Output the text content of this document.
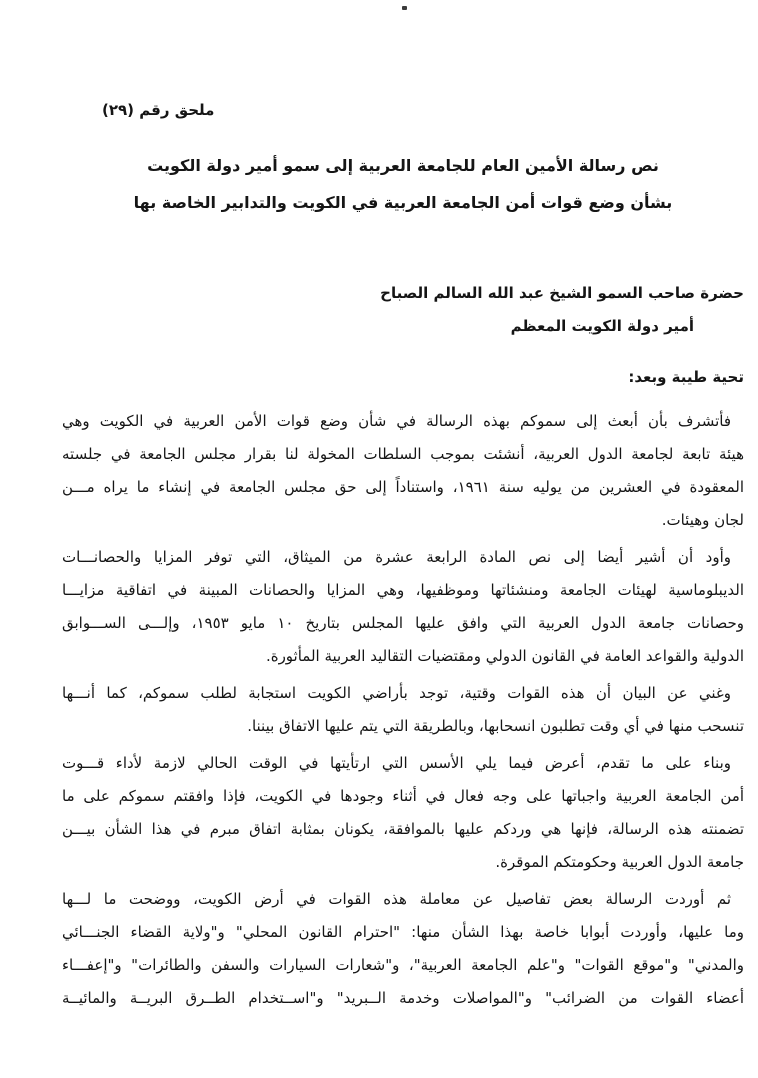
ملحق رقم (٢٩)
نص رسالة الأمين العام للجامعة العربية إلى سمو أمير دولة الكويت
بشأن وضع قوات أمن الجامعة العربية في الكويت والتدابير الخاصة بها
حضرة صاحب السمو الشيخ عبد الله السالم الصباح
أمير دولة الكويت المعظم
تحية طيبة وبعد:
فأتشرف بأن أبعث إلى سموكم بهذه الرسالة في شأن وضع قوات الأمن العربية في الكويت وهي
هيئة تابعة لجامعة الدول العربية، أنشئت بموجب السلطات المخولة لنا بقرار مجلس الجامعة في جلسته
المعقودة في العشرين من يوليه سنة ١٩٦١، واستناداً إلى حق مجلس الجامعة في إنشاء ما يراه مـــن
لجان وهيئات.
وأود أن أشير أيضا إلى نص المادة الرابعة عشرة من الميثاق، التي توفر المزايا والحصانـــات
الديبلوماسية لهيئات الجامعة ومنشئاتها وموظفيها، وهي المزايا والحصانات المبينة في اتفاقية مزايـــا
وحصانات جامعة الدول العربية التي وافق عليها المجلس بتاريخ ١٠ مايو ١٩٥٣، وإلـــى الســـوابق
الدولية والقواعد العامة في القانون الدولي ومقتضيات التقاليد العربية المأثورة.
وغني عن البيان أن هذه القوات وقتية، توجد بأراضي الكويت استجابة لطلب سموكم، كما أنـــها
تنسحب منها في أي وقت تطلبون انسحابها، وبالطريقة التي يتم عليها الاتفاق بيننا.
وبناء على ما تقدم، أعرض فيما يلي الأسس التي ارتأيتها في الوقت الحالي لازمة لأداء قـــوت
أمن الجامعة العربية واجباتها على وجه فعال في أثناء وجودها في الكويت، فإذا وافقتم سموكم على ما
تضمنته هذه الرسالة، فإنها هي وردكم عليها بالموافقة، يكونان بمثابة اتفاق مبرم في هذا الشأن بيـــن
جامعة الدول العربية وحكومتكم الموقرة.
ثم أوردت الرسالة بعض تفاصيل عن معاملة هذه القوات في أرض الكويت، ووضحت ما لـــها
وما عليها، وأوردت أبوابا خاصة بهذا الشأن منها: "احترام القانون المحلي" و"ولاية القضاء الجنـــائي
والمدني" و"موقع القوات" و"علم الجامعة العربية"، و"شعارات السيارات والسفن والطائرات" و"إعفـــاء
أعضاء القوات من الضرائب" و"المواصلات وخدمة الــبريد" و"اســتخدام الطــرق البريــة والمائيــة
